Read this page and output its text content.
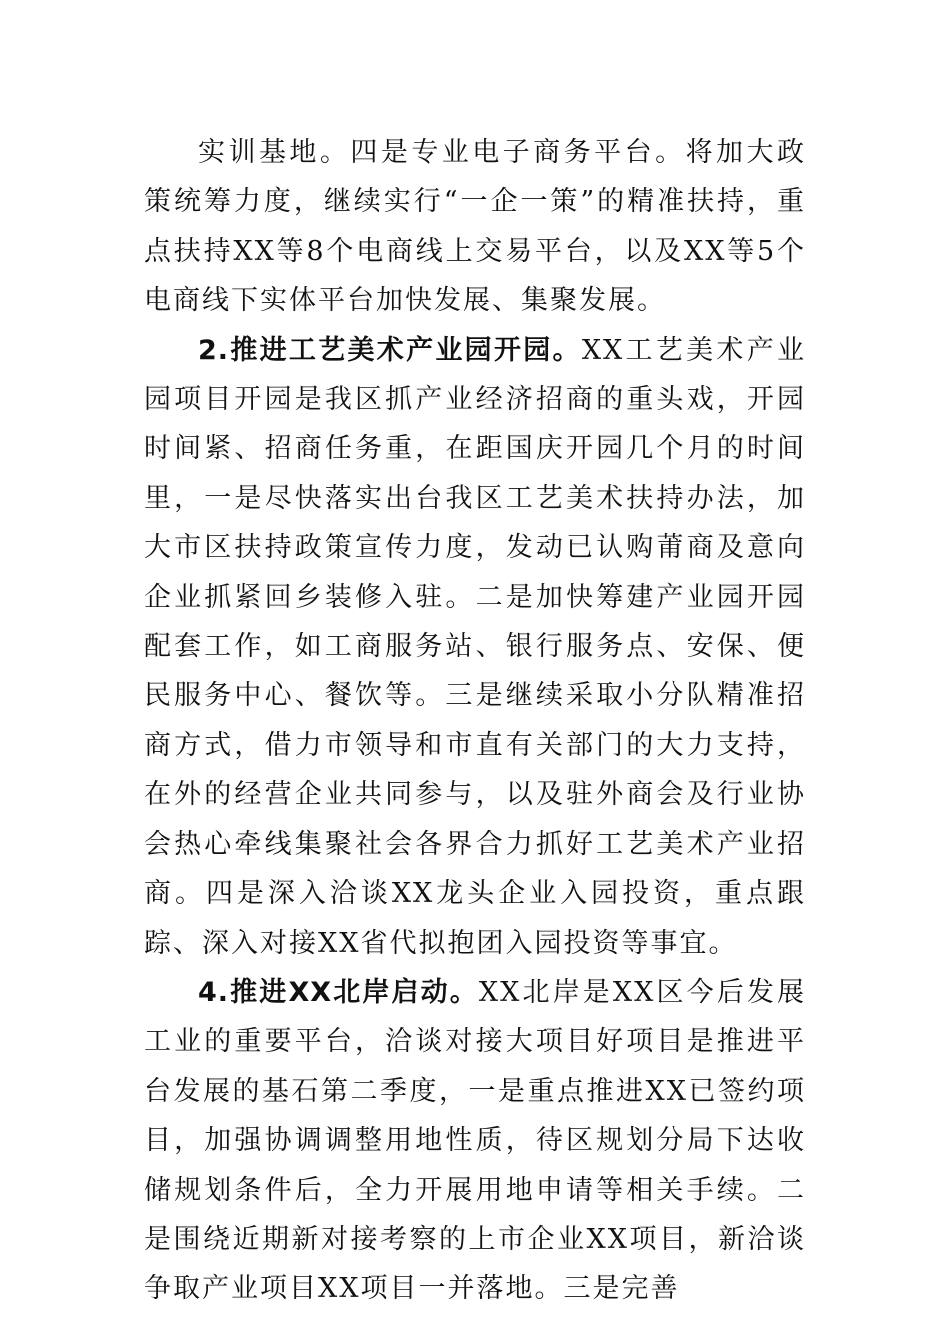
实训基地。四是专业电子商务平台。将加大政策统筹力度，继续实行“一企一策”的精准扶持，重点扶持XX等8个电商线上交易平台，以及XX等5个电商线下实体平台加快发展、集聚发展。

2.推进工艺美术产业园开园。XX工艺美术产业园项目开园是我区抓产业经济招商的重头戏，开园时间紧、招商任务重，在距国庆开园几个月的时间里，一是尽快落实出台我区工艺美术扶持办法，加大市区扶持政策宣传力度，发动已认购莆商及意向企业抓紧回乡装修入驻。二是加快筹建产业园开园配套工作，如工商服务站、银行服务点、安保、便民服务中心、餐饮等。三是继续采取小分队精准招商方式，借力市领导和市直有关部门的大力支持，在外的经营企业共同参与，以及驻外商会及行业协会热心牵线集聚社会各界合力抓好工艺美术产业招商。四是深入洽谈XX龙头企业入园投资，重点跟踪、深入对接XX省代拟抱团入园投资等事宜。

4.推进XX北岸启动。XX北岸是XX区今后发展工业的重要平台，洽谈对接大项目好项目是推进平台发展的基石第二季度，一是重点推进XX已签约项目，加强协调调整用地性质，待区规划分局下达收储规划条件后，全力开展用地申请等相关手续。二是围绕近期新对接考察的上市企业XX项目，新洽谈争取产业项目XX项目一并落地。三是完善
